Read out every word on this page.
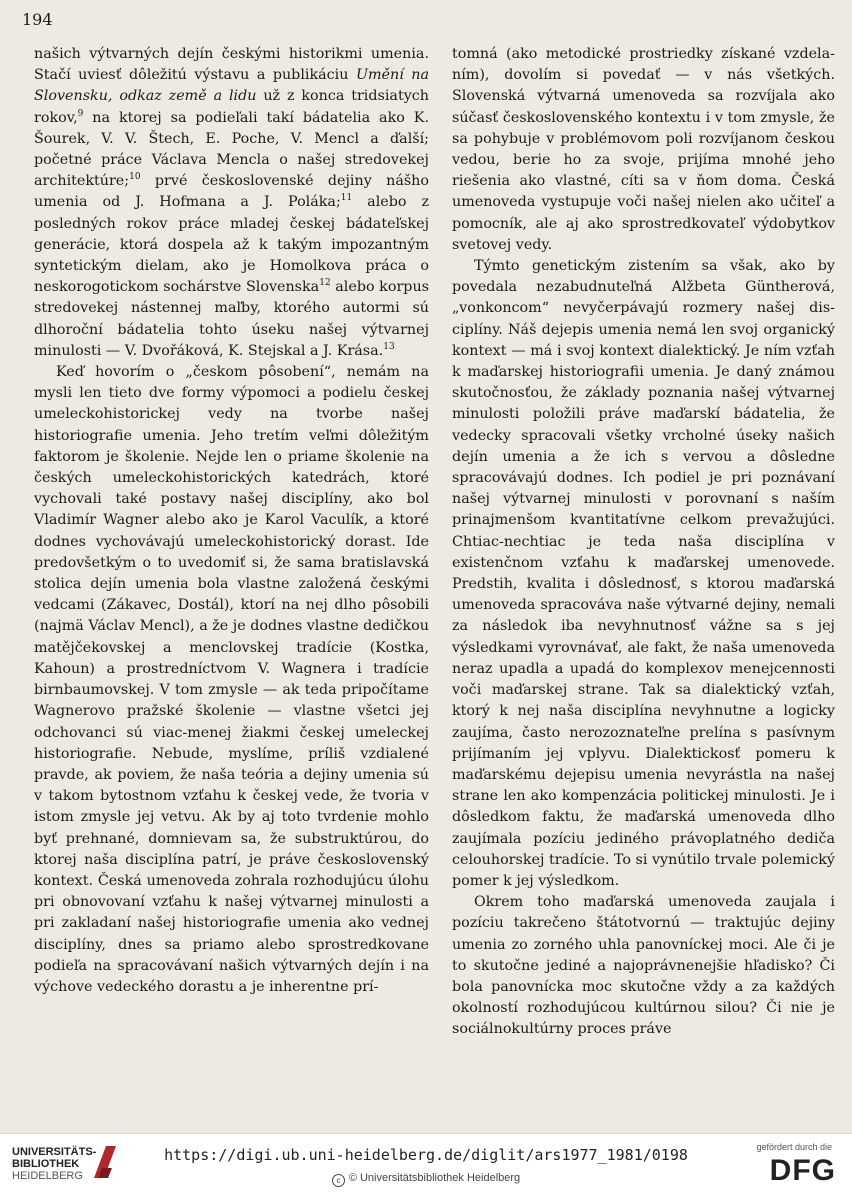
194

našich výtvarných dejín českými historikmi umenia. Stačí uviesť dôležitú výstavu a publikáciu Umění na Slovensku, odkaz země a lidu už z konca tridsiatych rokov,$^9$ na ktorej sa podieľali takí bádatelia ako K. Šourek, V. V. Štech, E. Poche, V. Mencl a ďalší; početné práce Václava Mencla o našej stredovekej architektúre;$^{10}$ prvé československé dejiny nášho umenia od J. Hofmana a J. Poláka;$^{11}$ alebo z posledných rokov práce mladej českej bádateľskej generácie, ktorá dospela až k takým impozantným syntetickým dielam, ako je Homolkova práca o neskorogotickom sochárstve Slovenska$^{12}$ alebo korpus stredovekej nástennej maľby, ktorého autormi sú dlhoroční bádatelia tohto úseku našej výtvarnej minulosti — V. Dvořáková, K. Stejskal a J. Krása.$^{13}$

Keď hovorím o „českom pôsobení“, nemám na mysli len tieto dve formy výpomoci a podielu českej umeleckohistorickej vedy na tvorbe našej historiografie umenia. Jeho tretím veľmi dôležitým faktorom je školenie. Nejde len o priame školenie na českých umeleckohistorických katedrách, ktoré vychovali také postavy našej disciplíny, ako bol Vladimír Wagner alebo ako je Karol Vaculík, a ktoré dodnes vychovávajú umeleckohistorický dorast. Ide predovšetkým o to uvedomiť si, že sama bratislavská stolica dejín umenia bola vlastne založená českými vedcami (Zákavec, Dostál), ktorí na nej dlho pôsobili (najmä Václav Mencl), a že je dodnes vlastne dedičkou matějčekovskej a menclovskej tradície (Kostka, Kahoun) a prostredníctvom V. Wagnera i tradície birnbaumovskej. V tom zmysle — ak teda pripočítame Wagnerovo pražské školenie — vlastne všetci jej odchovanci sú viac-menej žiakmi českej umeleckej historiografie. Nebude, myslíme, príliš vzdialené pravde, ak poviem, že naša teória a dejiny umenia sú v takom bytostnom vzťahu k českej vede, že tvoria v istom zmysle jej vetvu. Ak by aj toto tvrdenie mohlo byť prehnané, domnievam sa, že substruktúrou, do ktorej naša disciplína patrí, je práve československý kontext. Česká umenoveda zohrala rozhodujúcu úlohu pri obnovovaní vzťahu k našej výtvarnej minulosti a pri zakladaní našej historiografie umenia ako vednej disciplíny, dnes sa priamo alebo sprostredkovane podieľa na spracovávaní našich výtvarných dejín i na výchove vedeckého dorastu a je inherentne prí-

tomná (ako metodické prostriedky získané vzdelaním), dovolím si povedať — v nás všetkých. Slovenská výtvarná umenoveda sa rozvíjala ako súčasť československého kontextu i v tom zmysle, že sa pohybuje v problémovom poli rozvíjanom českou vedou, berie ho za svoje, prijíma mnohé jeho riešenia ako vlastné, cíti sa v ňom doma. Česká umenoveda vystupuje voči našej nielen ako učiteľ a pomocník, ale aj ako sprostredkovateľ výdobytkov svetovej vedy.

Týmto genetickým zistením sa však, ako by povedala nezabudnuteľná Alžbeta Güntherová, „vonkoncom“ nevyčerpávajú rozmery našej disciplíny. Náš dejepis umenia nemá len svoj organický kontext — má i svoj kontext dialektický. Je ním vzťah k maďarskej historiografii umenia. Je daný známou skutočnosťou, že základy poznania našej výtvarnej minulosti položili práve maďarskí bádatelia, že vedecky spracovali všetky vrcholné úseky našich dejín umenia a že ich s vervou a dôsledne spracovávajú dodnes. Ich podiel je pri poznávaní našej výtvarnej minulosti v porovnaní s naším prinajmenšom kvantitatívne celkom prevažujúci. Chtiac-nechtiac je teda naša disciplína v existenčnom vzťahu k maďarskej umenovede. Predstih, kvalita i dôslednosť, s ktorou maďarská umenoveda spracováva naše výtvarné dejiny, nemali za následok iba nevyhnutnosť vážne sa s jej výsledkami vyrovnávať, ale fakt, že naša umenoveda neraz upadla a upadá do komplexov menejcennosti voči maďarskej strane. Tak sa dialektický vzťah, ktorý k nej naša disciplína nevyhnutne a logicky zaujíma, často nerozoznateľne prelína s pasívnym prijímaním jej vplyvu. Dialektickosť pomeru k maďarskému dejepisu umenia nevyrástla na našej strane len ako kompenzácia politickej minulosti. Je i dôsledkom faktu, že maďarská umenoveda dlho zaujímala pozíciu jediného právoplatného dediča celouhorskej tradície. To si vynútilo trvale polemický pomer k jej výsledkom.

Okrem toho maďarská umenoveda zaujala i pozíciu takrečeno štátotvornú — traktujúc dejiny umenia zo zorného uhla panovníckej moci. Ale či je to skutočne jediné a najoprávnenejšie hľadisko? Či bola panovnícka moc skutočne vždy a za každých okolností rozhodujúcou kultúrnou silou? Či nie je sociálnokultúrny proces práve

UNIVERSITÄTS-
BIBLIOTHEK
HEIDELBERG
https://digi.ub.uni-heidelberg.de/diglit/ars1977_1981/0198
c © Universitätsbibliothek Heidelberg
gefördert durch die
DFG
